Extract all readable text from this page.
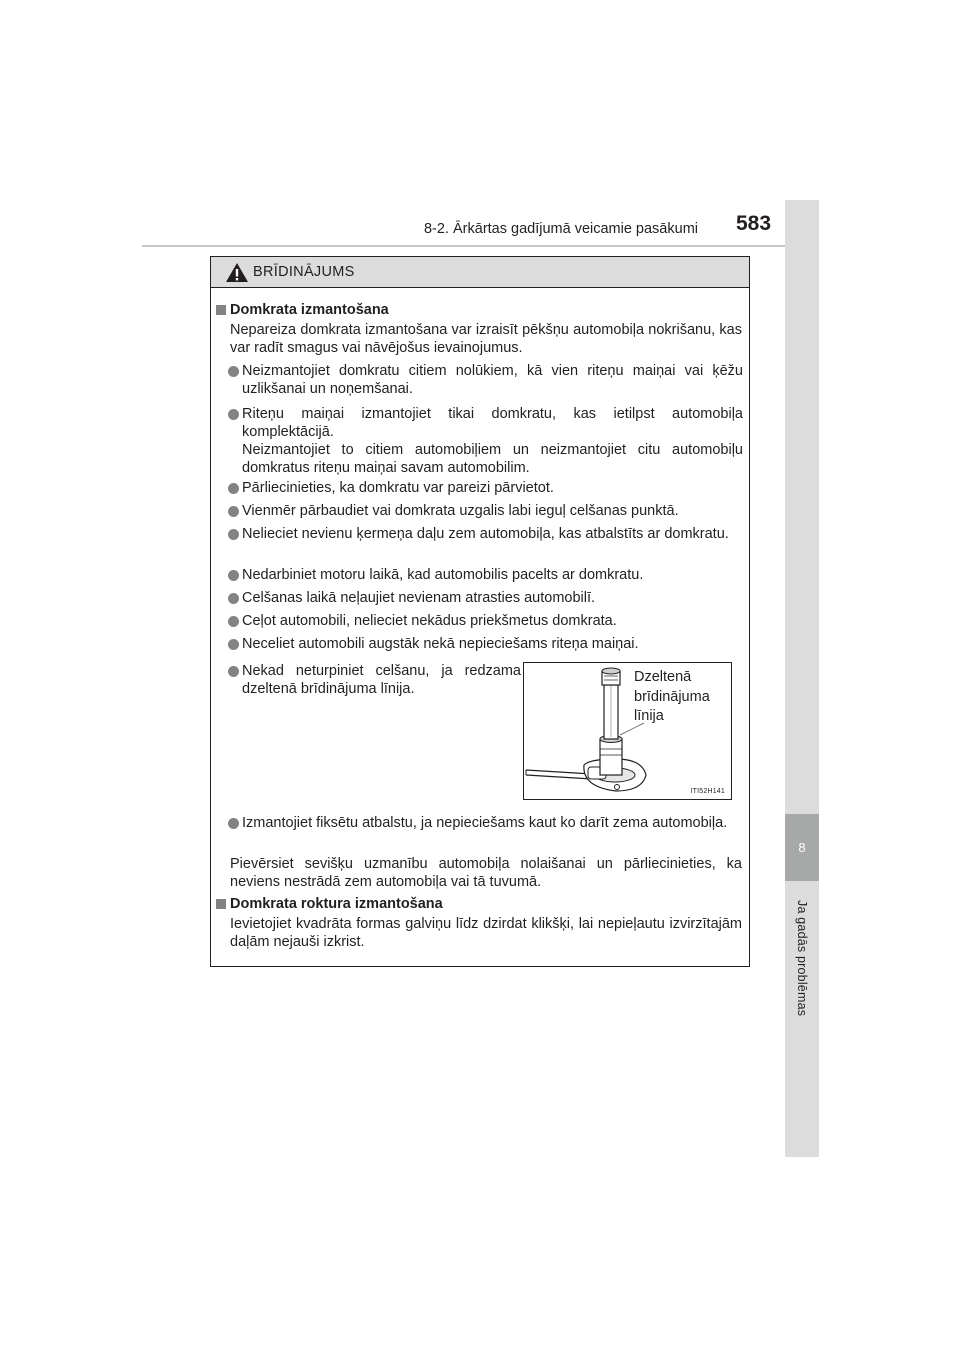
8-2. Ārkārtas gadījumā veicamie pasākumi 583
8
Ja gadās problēmas
BRĪDINĀJUMS
Domkrata izmantošana
Nepareiza domkrata izmantošana var izraisīt pēkšņu automobiļa nokrišanu, kas var radīt smagus vai nāvējošus ievainojumus.
Neizmantojiet domkratu citiem nolūkiem, kā vien riteņu maiņai vai ķēžu uzlikšanai un noņemšanai.
Riteņu maiņai izmantojiet tikai domkratu, kas ietilpst automobiļa komplektācijā.
Neizmantojiet to citiem automobiļiem un neizmantojiet citu automobiļu domkratus riteņu maiņai savam automobilim.
Pārliecinieties, ka domkratu var pareizi pārvietot.
Vienmēr pārbaudiet vai domkrata uzgalis labi ieguļ celšanas punktā.
Nelieciet nevienu ķermeņa daļu zem automobiļa, kas atbalstīts ar domkratu.
Nedarbiniet motoru laikā, kad automobilis pacelts ar domkratu.
Celšanas laikā neļaujiet nevienam atrasties automobilī.
Ceļot automobili, nelieciet nekādus priekšmetus domkrata.
Neceliet automobili augstāk nekā nepieciešams riteņa maiņai.
Nekad neturpiniet celšanu, ja redzama dzeltenā brīdinājuma līnija.
Izmantojiet fiksētu atbalstu, ja nepieciešams kaut ko darīt zema automobiļa.
Pievērsiet sevišķu uzmanību automobiļa nolaišanai un pārliecinieties, ka neviens nestrādā zem automobiļa vai tā tuvumā.
Domkrata roktura izmantošana
Ievietojiet kvadrāta formas galviņu līdz dzirdat klikšķi, lai nepieļautu izvirzītajām daļām nejauši izkrist.
Dzeltenā
brīdinājuma
līnija
ITI52H141
